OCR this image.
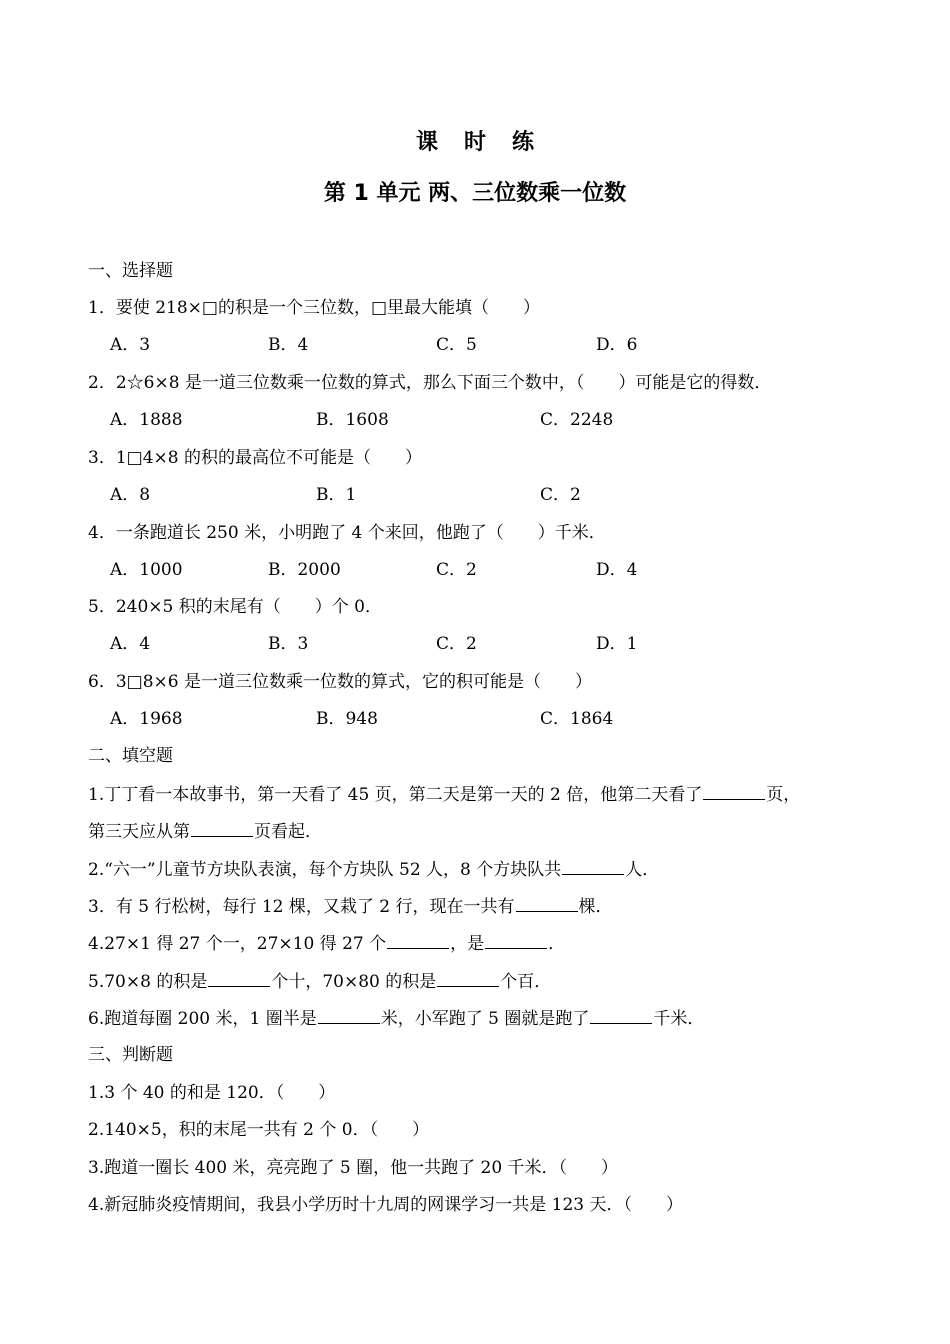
课时练
第 1 单元 两、三位数乘一位数
一、选择题
1．要使 218×□的积是一个三位数，□里最大能填（　　）
A．3	B．4	C．5	D．6
2．2☆6×8 是一道三位数乘一位数的算式，那么下面三个数中，（　　）可能是它的得数．
A．1888	B．1608	C．2248
3．1□4×8 的积的最高位不可能是（　　）
A．8	B．1	C．2
4．一条跑道长 250 米，小明跑了 4 个来回，他跑了（　　）千米．
A．1000	B．2000	C．2	D．4
5．240×5 积的末尾有（　　）个 0．
A．4	B．3	C．2	D．1
6．3□8×6 是一道三位数乘一位数的算式，它的积可能是（　　）
A．1968	B．948	C．1864
二、填空题
1.丁丁看一本故事书，第一天看了 45 页，第二天是第一天的 2 倍，他第二天看了	页，
第三天应从第	页看起．
2.“六一”儿童节方块队表演，每个方块队 52 人，8 个方块队共	人．
3．有 5 行松树，每行 12 棵，又栽了 2 行，现在一共有	棵．
4.27×1 得 27 个一，27×10 得 27 个	，是	．
5.70×8 的积是	个十，70×80 的积是	个百．
6.跑道每圈 200 米，1 圈半是	米，小军跑了 5 圈就是跑了	千米．
三、判断题
1.3 个 40 的和是 120．（　　）
2.140×5，积的末尾一共有 2 个 0．（　　）
3.跑道一圈长 400 米，亮亮跑了 5 圈，他一共跑了 20 千米．（　　）
4.新冠肺炎疫情期间，我县小学历时十九周的网课学习一共是 123 天．（　　）
